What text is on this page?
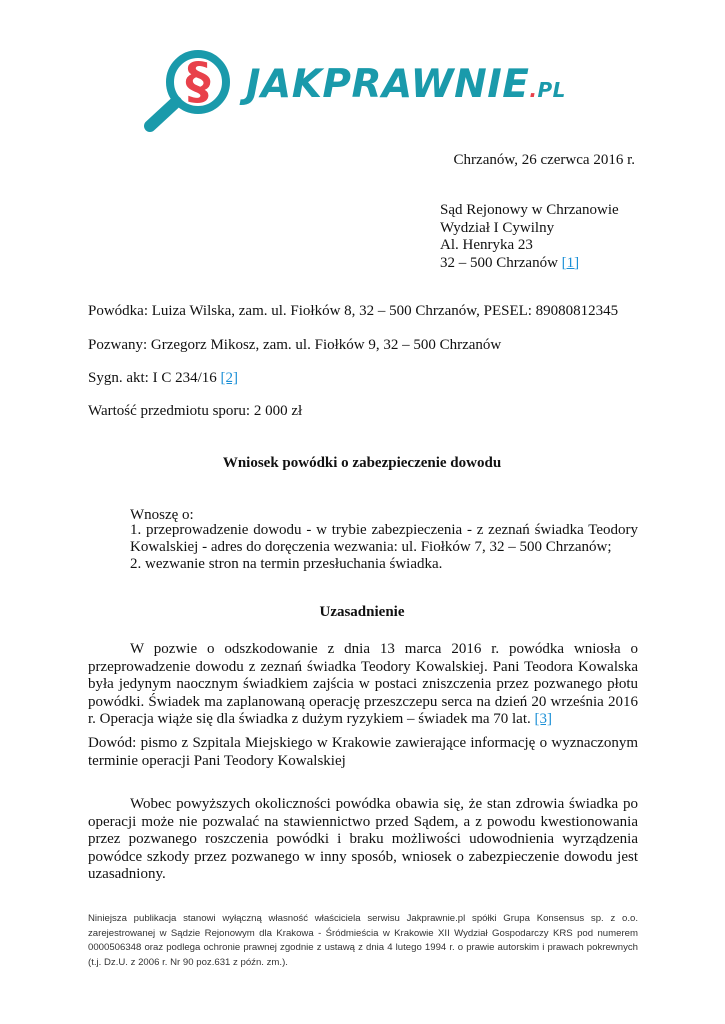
§ JAKPRAWNIE.PL
Chrzanów, 26 czerwca 2016 r.
Sąd Rejonowy w Chrzanowie
Wydział I Cywilny
Al. Henryka 23
32 – 500 Chrzanów [1]
Powódka: Luiza Wilska, zam. ul. Fiołków 8, 32 – 500 Chrzanów, PESEL: 89080812345
Pozwany: Grzegorz Mikosz, zam. ul. Fiołków 9, 32 – 500 Chrzanów
Sygn. akt: I C 234/16 [2]
Wartość przedmiotu sporu: 2 000 zł
Wniosek powódki o zabezpieczenie dowodu
Wnoszę o:

1. przeprowadzenie dowodu - w trybie zabezpieczenia - z zeznań świadka Teodory

Kowalskiej - adres do doręczenia wezwania: ul. Fiołków 7, 32 – 500 Chrzanów;

2. wezwanie stron na termin przesłuchania świadka.

Uzasadnienie

W pozwie o odszkodowanie z dnia 13 marca 2016 r. powódka wniosła o przeprowadzenie dowodu z zeznań świadka Teodory Kowalskiej. Pani Teodora Kowalska była jedynym naocznym świadkiem zajścia w postaci zniszczenia przez pozwanego płotu powódki. Świadek ma zaplanowaną operację przeszczepu serca na dzień 20 września 2016 r. Operacja wiąże się dla świadka z dużym ryzykiem – świadek ma 70 lat. [3]

Dowód: pismo z Szpitala Miejskiego w Krakowie zawierające informację o wyznaczonym terminie operacji Pani Teodory Kowalskiej

Wobec powyższych okoliczności powódka obawia się, że stan zdrowia świadka po operacji może nie pozwalać na stawiennictwo przed Sądem, a z powodu kwestionowania przez pozwanego roszczenia powódki i braku możliwości udowodnienia wyrządzenia powódce szkody przez pozwanego w inny sposób, wniosek o zabezpieczenie dowodu jest uzasadniony.

Niniejsza publikacja stanowi wyłączną własność właściciela serwisu Jakprawnie.pl spółki Grupa Konsensus sp. z o.o. zarejestrowanej w Sądzie Rejonowym dla Krakowa - Śródmieścia w Krakowie XII Wydział Gospodarczy KRS pod numerem 0000506348 oraz podlega ochronie prawnej zgodnie z ustawą z dnia 4 lutego 1994 r. o prawie autorskim i prawach pokrewnych (t.j. Dz.U. z 2006 r. Nr 90 poz.631 z późn. zm.).
